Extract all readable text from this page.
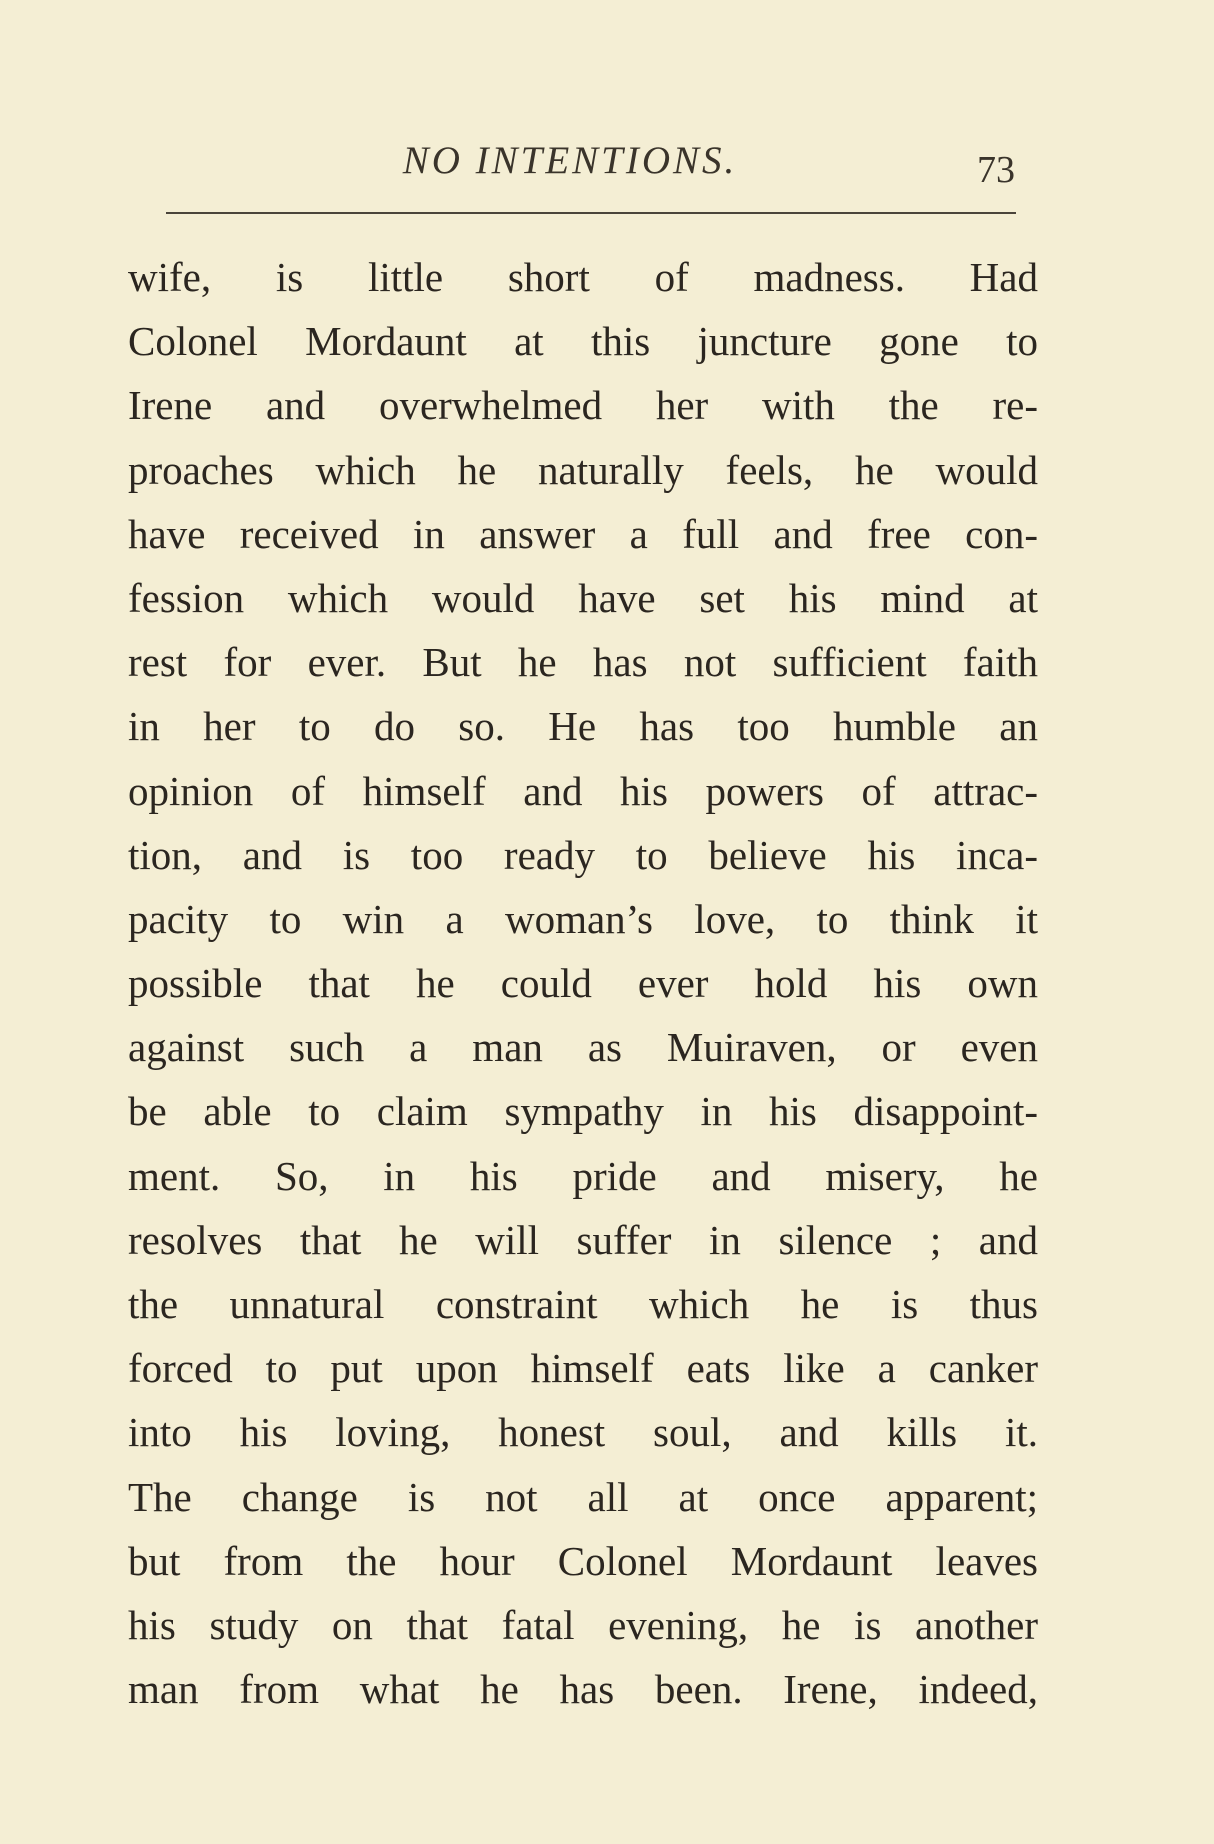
NO INTENTIONS.	73
wife, is little short of madness. Had
Colonel Mordaunt at this juncture gone to
Irene and overwhelmed her with the re-
proaches which he naturally feels, he would
have received in answer a full and free con-
fession which would have set his mind at
rest for ever. But he has not sufficient faith
in her to do so. He has too humble an
opinion of himself and his powers of attrac-
tion, and is too ready to believe his inca-
pacity to win a woman’s love, to think it
possible that he could ever hold his own
against such a man as Muiraven, or even
be able to claim sympathy in his disappoint-
ment. So, in his pride and misery, he
resolves that he will suffer in silence ; and
the unnatural constraint which he is thus
forced to put upon himself eats like a canker
into his loving, honest soul, and kills it.
The change is not all at once apparent;
but from the hour Colonel Mordaunt leaves
his study on that fatal evening, he is another
man from what he has been. Irene, indeed,
